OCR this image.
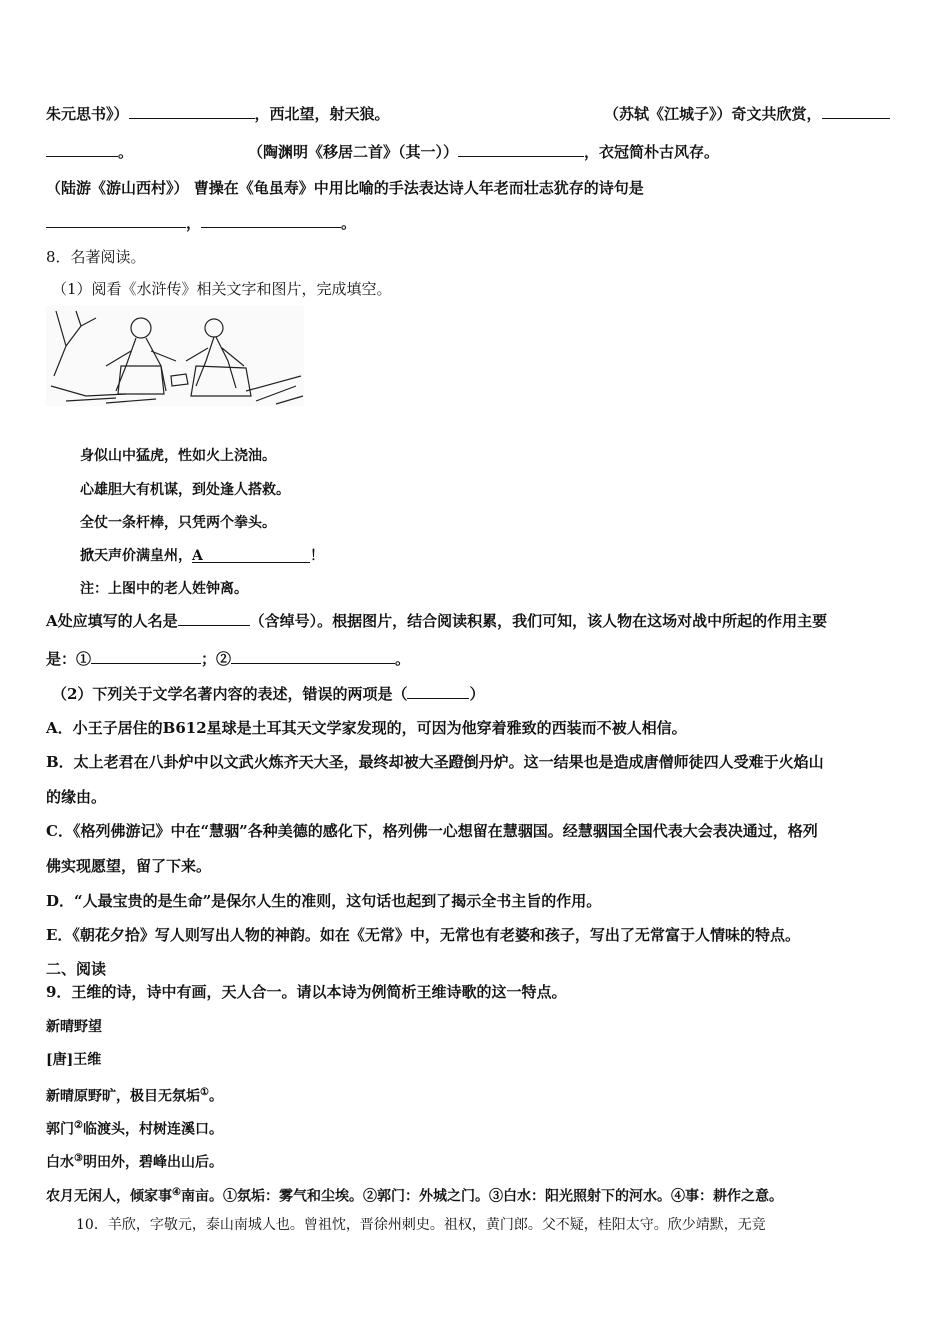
朱元思书》）	，西北望，射天狼。	（苏轼《江城子》）奇文共欣赏，
。	（陶渊明《移居二首》（其一））	，衣冠简朴古风存。
（陆游《游山西村》） 曹操在《龟虽寿》中用比喻的手法表达诗人年老而壮志犹存的诗句是
，	。
8．名著阅读。
（1）阅看《水浒传》相关文字和图片，完成填空。
身似山中猛虎，性如火上浇油。
心雄胆大有机谋，到处逢人搭救。
全仗一条杆棒，只凭两个拳头。
掀天声价满皇州，A	！
注：上图中的老人姓钟离。
A处应填写的人名是	（含绰号）。根据图片，结合阅读积累，我们可知，该人物在这场对战中所起的作用主要
是：①	；②	。
（2）下列关于文学名著内容的表述，错误的两项是（	）
A．小王子居住的B612星球是土耳其天文学家发现的，可因为他穿着雅致的西装而不被人相信。
B．太上老君在八卦炉中以文武火炼齐天大圣，最终却被大圣蹬倒丹炉。这一结果也是造成唐僧师徒四人受难于火焰山
的缘由。
C．《格列佛游记》中在“慧骃”各种美德的感化下，格列佛一心想留在慧骃国。经慧骃国全国代表大会表决通过，格列
佛实现愿望，留了下来。
D．“人最宝贵的是生命”是保尔人生的准则，这句话也起到了揭示全书主旨的作用。
E．《朝花夕拾》写人则写出人物的神韵。如在《无常》中，无常也有老婆和孩子，写出了无常富于人情味的特点。
二、阅读
9．王维的诗，诗中有画，天人合一。请以本诗为例简析王维诗歌的这一特点。
新晴野望
[唐]王维
新晴原野旷，极目无氛垢①。
郭门②临渡头，村树连溪口。
白水③明田外，碧峰出山后。
农月无闲人，倾家事④南亩。①氛垢：雾气和尘埃。②郭门：外城之门。③白水：阳光照射下的河水。④事：耕作之意。
10．羊欣，字敬元，泰山南城人也。曾祖忱，晋徐州刺史。祖权，黄门郎。父不疑，桂阳太守。欣少靖默，无竞
